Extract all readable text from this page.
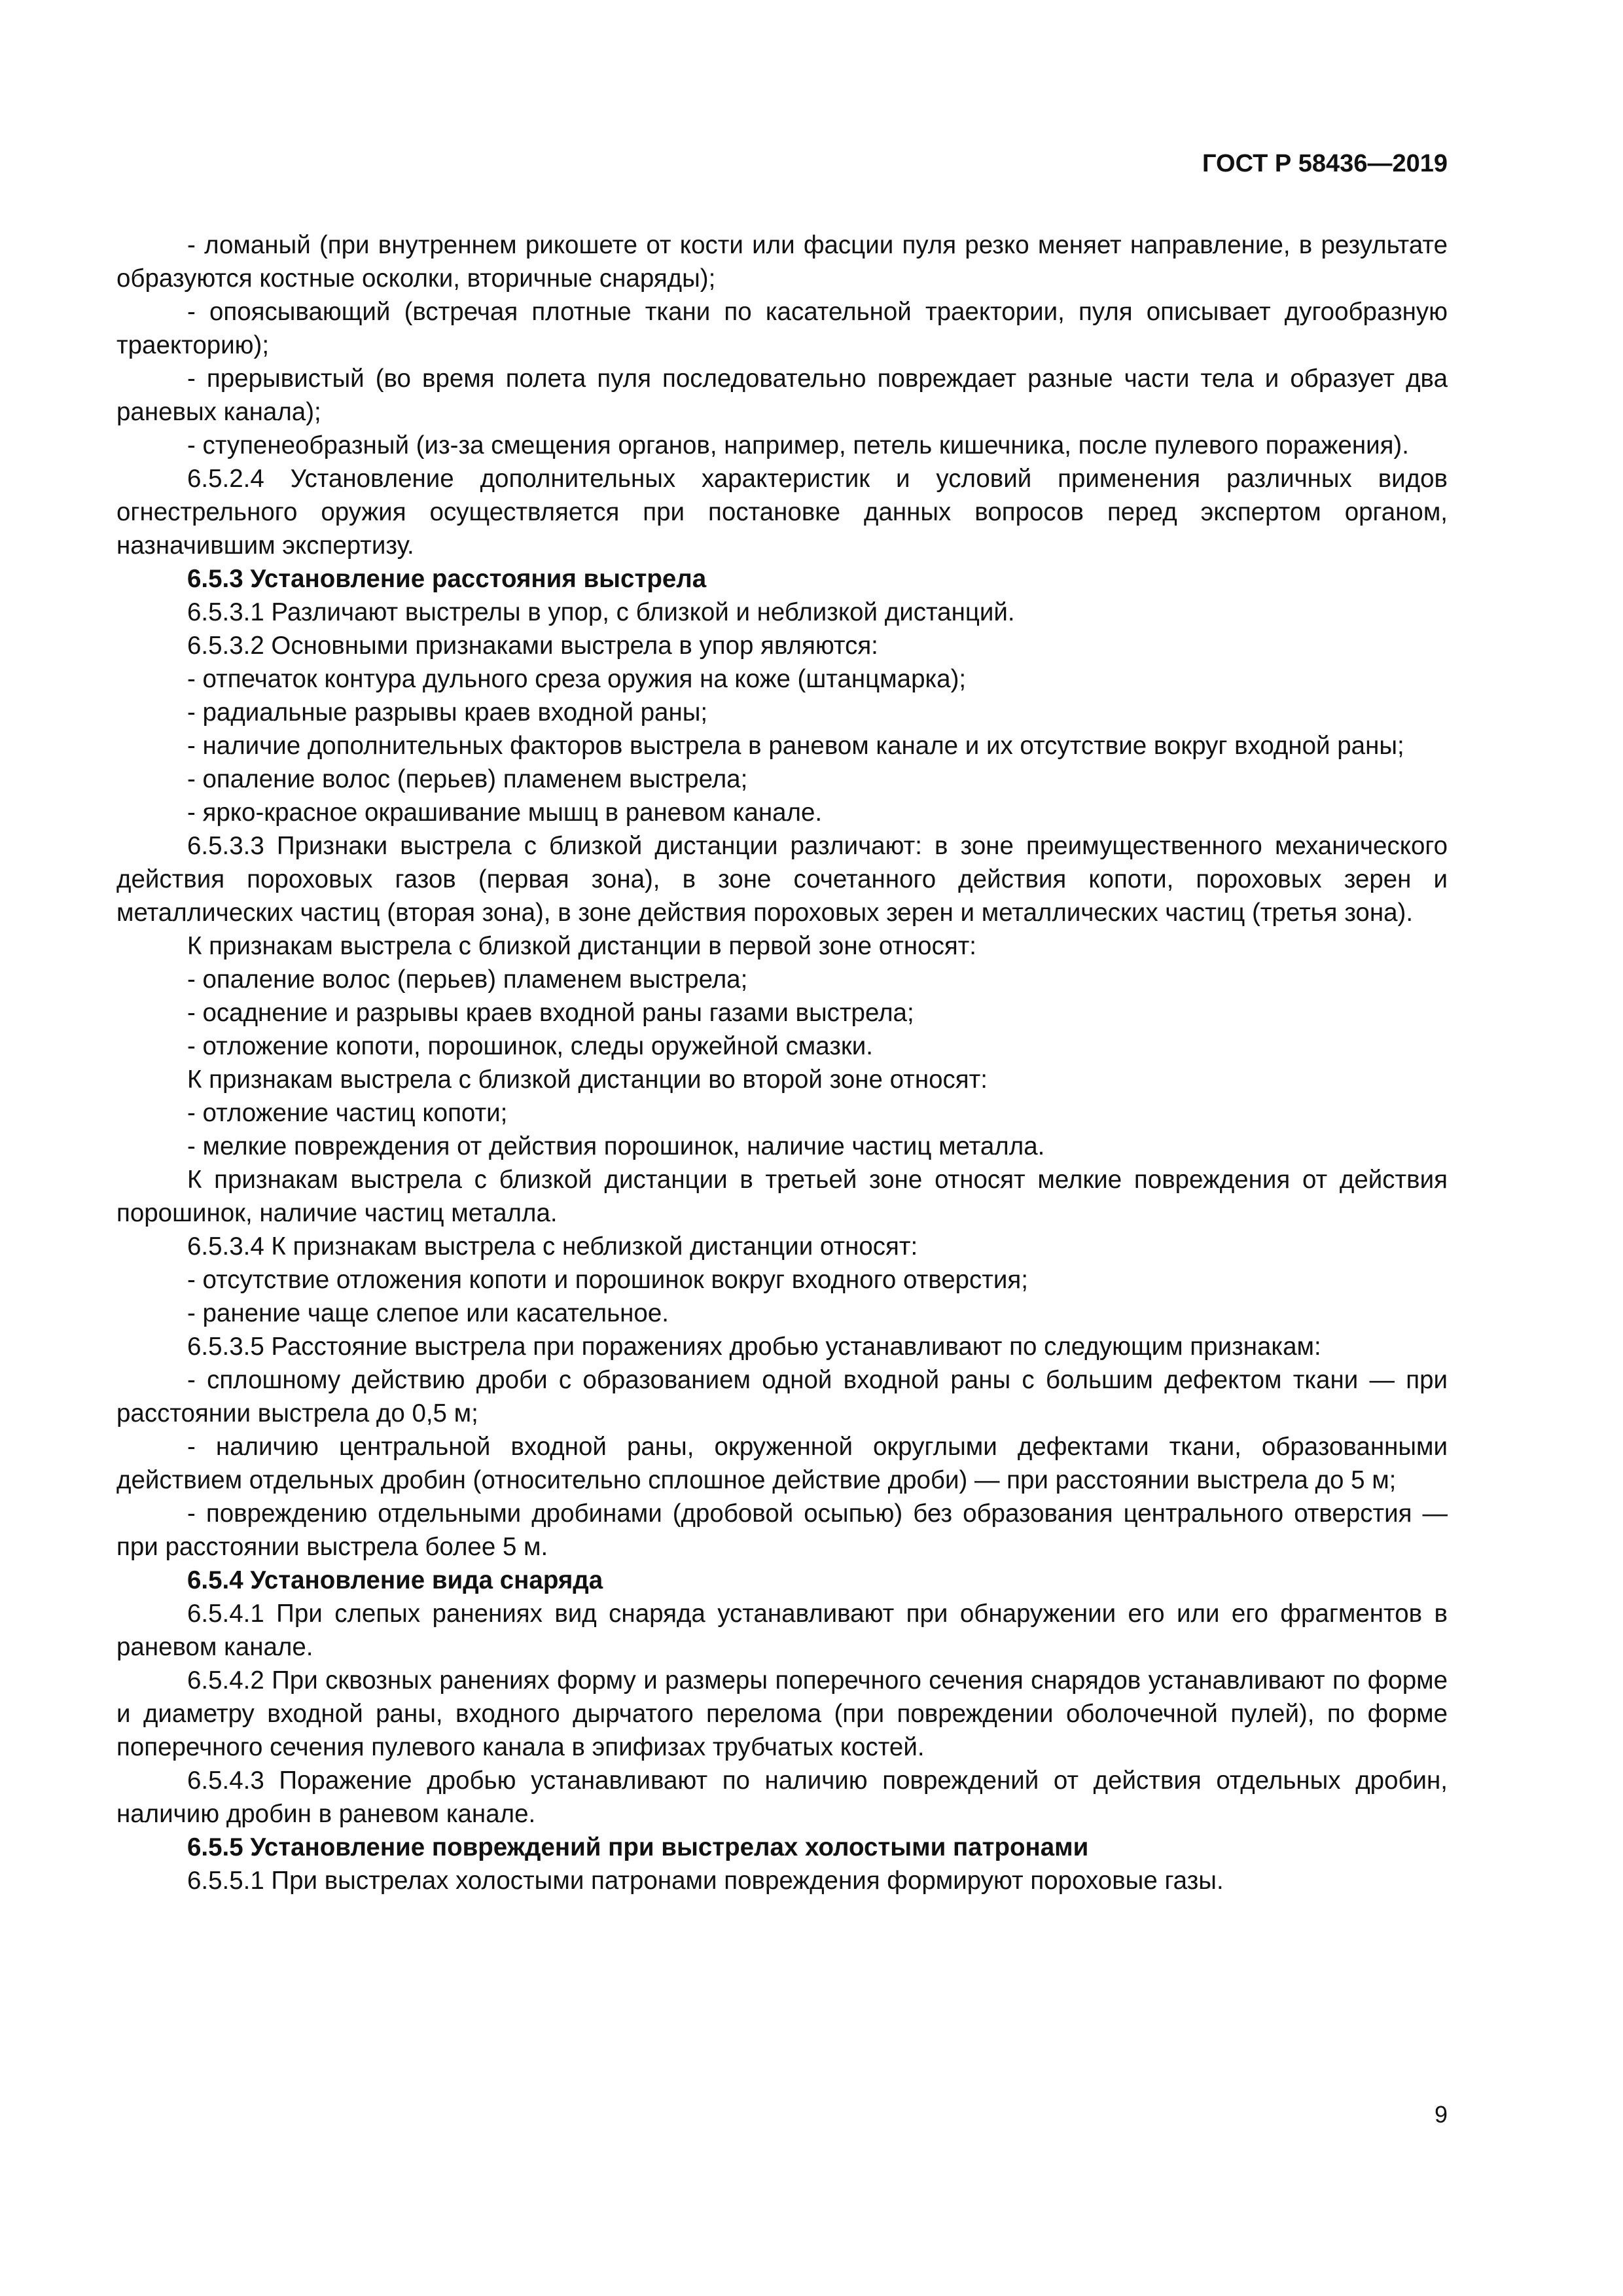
ГОСТ Р 58436—2019

- ломаный (при внутреннем рикошете от кости или фасции пуля резко меняет направление, в результате образуются костные осколки, вторичные снаряды);

- опоясывающий (встречая плотные ткани по касательной траектории, пуля описывает дугообразную траекторию);

- прерывистый (во время полета пуля последовательно повреждает разные части тела и образует два раневых канала);

- ступенеобразный (из-за смещения органов, например, петель кишечника, после пулевого поражения).

6.5.2.4 Установление дополнительных характеристик и условий применения различных видов огнестрельного оружия осуществляется при постановке данных вопросов перед экспертом органом, назначившим экспертизу.

6.5.3 Установление расстояния выстрела

6.5.3.1 Различают выстрелы в упор, с близкой и неблизкой дистанций.

6.5.3.2 Основными признаками выстрела в упор являются:

- отпечаток контура дульного среза оружия на коже (штанцмарка);

- радиальные разрывы краев входной раны;

- наличие дополнительных факторов выстрела в раневом канале и их отсутствие вокруг входной раны;

- опаление волос (перьев) пламенем выстрела;

- ярко-красное окрашивание мышц в раневом канале.

6.5.3.3 Признаки выстрела с близкой дистанции различают: в зоне преимущественного механического действия пороховых газов (первая зона), в зоне сочетанного действия копоти, пороховых зерен и металлических частиц (вторая зона), в зоне действия пороховых зерен и металлических частиц (третья зона).

К признакам выстрела с близкой дистанции в первой зоне относят:

- опаление волос (перьев) пламенем выстрела;

- осаднение и разрывы краев входной раны газами выстрела;

- отложение копоти, порошинок, следы оружейной смазки.

К признакам выстрела с близкой дистанции во второй зоне относят:

- отложение частиц копоти;

- мелкие повреждения от действия порошинок, наличие частиц металла.

К признакам выстрела с близкой дистанции в третьей зоне относят мелкие повреждения от действия порошинок, наличие частиц металла.

6.5.3.4 К признакам выстрела с неблизкой дистанции относят:

- отсутствие отложения копоти и порошинок вокруг входного отверстия;

- ранение чаще слепое или касательное.

6.5.3.5 Расстояние выстрела при поражениях дробью устанавливают по следующим признакам:

- сплошному действию дроби с образованием одной входной раны с большим дефектом ткани — при расстоянии выстрела до 0,5 м;

- наличию центральной входной раны, окруженной округлыми дефектами ткани, образованными действием отдельных дробин (относительно сплошное действие дроби) — при расстоянии выстрела до 5 м;

- повреждению отдельными дробинами (дробовой осыпью) без образования центрального отверстия — при расстоянии выстрела более 5 м.

6.5.4 Установление вида снаряда

6.5.4.1 При слепых ранениях вид снаряда устанавливают при обнаружении его или его фрагментов в раневом канале.

6.5.4.2 При сквозных ранениях форму и размеры поперечного сечения снарядов устанавливают по форме и диаметру входной раны, входного дырчатого перелома (при повреждении оболочечной пулей), по форме поперечного сечения пулевого канала в эпифизах трубчатых костей.

6.5.4.3 Поражение дробью устанавливают по наличию повреждений от действия отдельных дробин, наличию дробин в раневом канале.

6.5.5 Установление повреждений при выстрелах холостыми патронами

6.5.5.1 При выстрелах холостыми патронами повреждения формируют пороховые газы.

9
